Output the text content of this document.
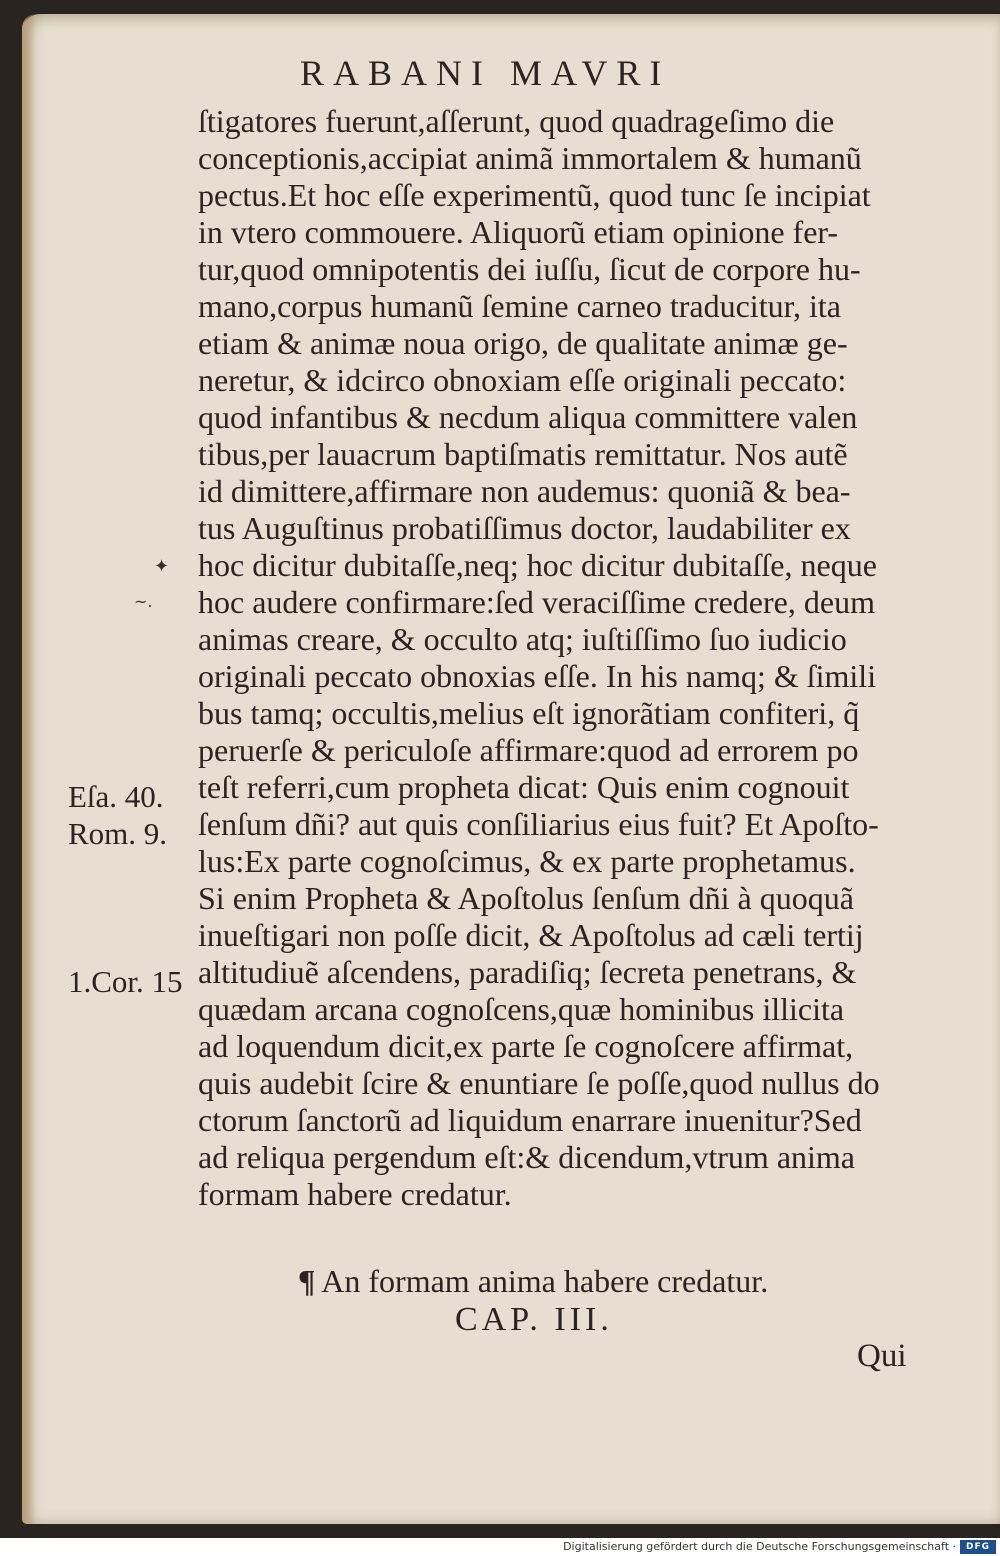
RABANI MAVRI
ſtigatores fuerunt,aſſerunt, quod quadrageſimo die
conceptionis,accipiat animã immortalem & humanũ
pectus.Et hoc eſſe experimentũ, quod tunc ſe incipiat
in vtero commouere. Aliquorũ etiam opinione fer-
tur,quod omnipotentis dei iuſſu, ſicut de corpore hu-
mano,corpus humanũ ſemine carneo traducitur, ita
etiam & animæ noua origo, de qualitate animæ ge-
neretur, & idcirco obnoxiam eſſe originali peccato:
quod infantibus & necdum aliqua committere valen
tibus,per lauacrum baptiſmatis remittatur. Nos autẽ
id dimittere,affirmare non audemus: quoniã & bea-
tus Auguſtinus probatiſſimus doctor, laudabiliter ex
hoc dicitur dubitaſſe,neq; hoc dicitur dubitaſſe, neque
hoc audere confirmare:ſed veraciſſime credere, deum
animas creare, & occulto atq; iuſtiſſimo ſuo iudicio
originali peccato obnoxias eſſe. In his namq; & ſimili
bus tamq; occultis,melius eſt ignorãtiam confiteri, q̃
peruerſe & periculoſe affirmare:quod ad errorem po
teſt referri,cum propheta dicat: Quis enim cognouit
ſenſum dñi? aut quis conſiliarius eius fuit? Et Apoſto-
lus:Ex parte cognoſcimus, & ex parte prophetamus.
Si enim Propheta & Apoſtolus ſenſum dñi à quoquã
inueſtigari non poſſe dicit, & Apoſtolus ad cæli tertij
altitudiuẽ aſcendens, paradiſiq; ſecreta penetrans, &
quædam arcana cognoſcens,quæ hominibus illicita
ad loquendum dicit,ex parte ſe cognoſcere affirmat,
quis audebit ſcire & enuntiare ſe poſſe,quod nullus do
ctorum ſanctorũ ad liquidum enarrare inuenitur?Sed
ad reliqua pergendum eſt:& dicendum,vtrum anima
formam habere credatur.
✦
~.
Eſa. 40.
Rom. 9.
1.Cor. 15
¶ An formam anima habere credatur.
CAP. III.
Qui
Digitalisierung gefördert durch die Deutsche Forschungsgemeinschaft ·	DFG
